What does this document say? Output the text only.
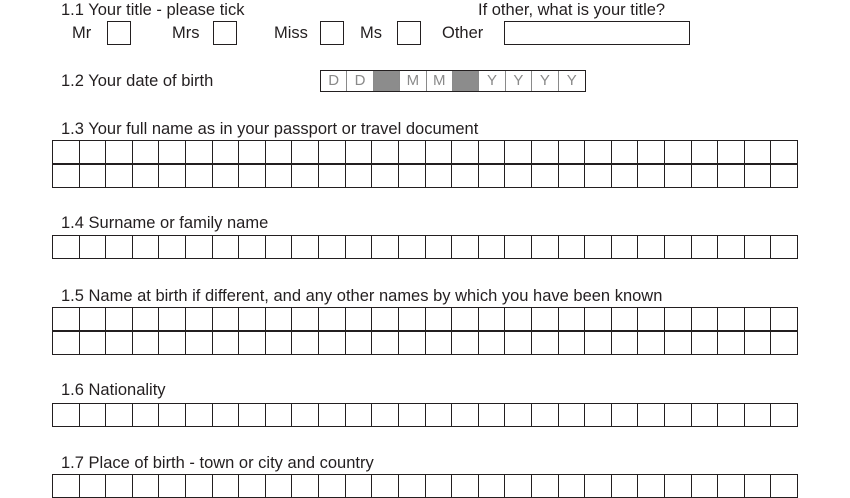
1.1 Your title - please tick	If other, what is your title?
Mr	Mrs	Miss	Ms	Other
1.2 Your date of birth	D	D	M M	Y	Y	Y	Y
1.3 Your full name as in your passport or travel document
1.4 Surname or family name
1.5 Name at birth if different, and any other names by which you have been known
1.6 Nationality
1.7 Place of birth - town or city and country
